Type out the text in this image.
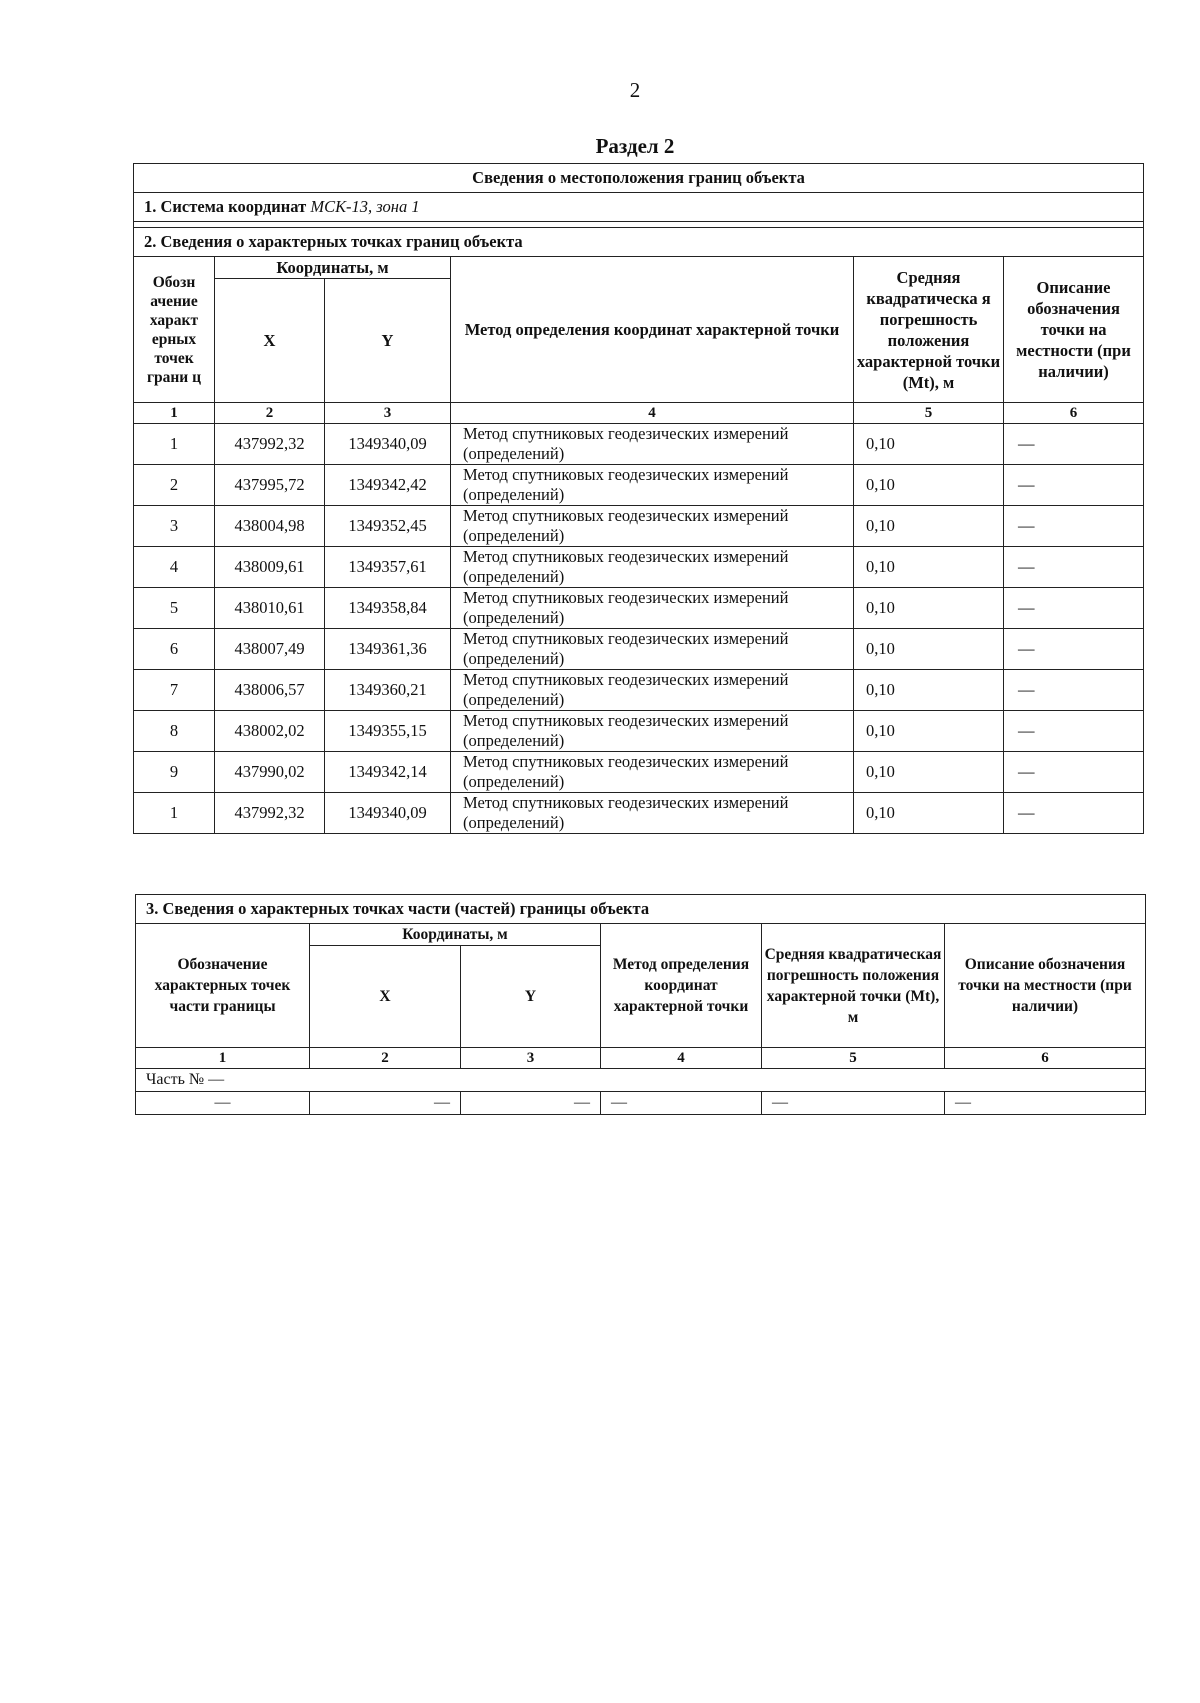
2
Раздел 2
Сведения о местоположения границ объекта					
1. Система координат МСК-13, зона 1					

2. Сведения о характерных точках границ объекта					
Обозн ачение характ ерных точек грани ц	Координаты, м		Метод определения координат характерной точки	Средняя квадратическа я погрешность положения характерной точки (Mt), м	Описание обозначения точки на местности (при наличии)
	X	Y			
1	2	3	4	5	6
1	437992,32	1349340,09	Метод спутниковых геодезических измерений (определений)	0,10	—
2	437995,72	1349342,42	Метод спутниковых геодезических измерений (определений)	0,10	—
3	438004,98	1349352,45	Метод спутниковых геодезических измерений (определений)	0,10	—
4	438009,61	1349357,61	Метод спутниковых геодезических измерений (определений)	0,10	—
5	438010,61	1349358,84	Метод спутниковых геодезических измерений (определений)	0,10	—
6	438007,49	1349361,36	Метод спутниковых геодезических измерений (определений)	0,10	—
7	438006,57	1349360,21	Метод спутниковых геодезических измерений (определений)	0,10	—
8	438002,02	1349355,15	Метод спутниковых геодезических измерений (определений)	0,10	—
9	437990,02	1349342,14	Метод спутниковых геодезических измерений (определений)	0,10	—
1	437992,32	1349340,09	Метод спутниковых геодезических измерений (определений)	0,10	—
3. Сведения о характерных точках части (частей) границы объекта					
Обозначение характерных точек части границы	Координаты, м		Метод определения координат характерной точки	Средняя квадратическая погрешность положения характерной точки (Mt), м	Описание обозначения точки на местности (при наличии)
	X	Y			
1	2	3	4	5	6
Часть № —					
—	—	—	—	—	—
